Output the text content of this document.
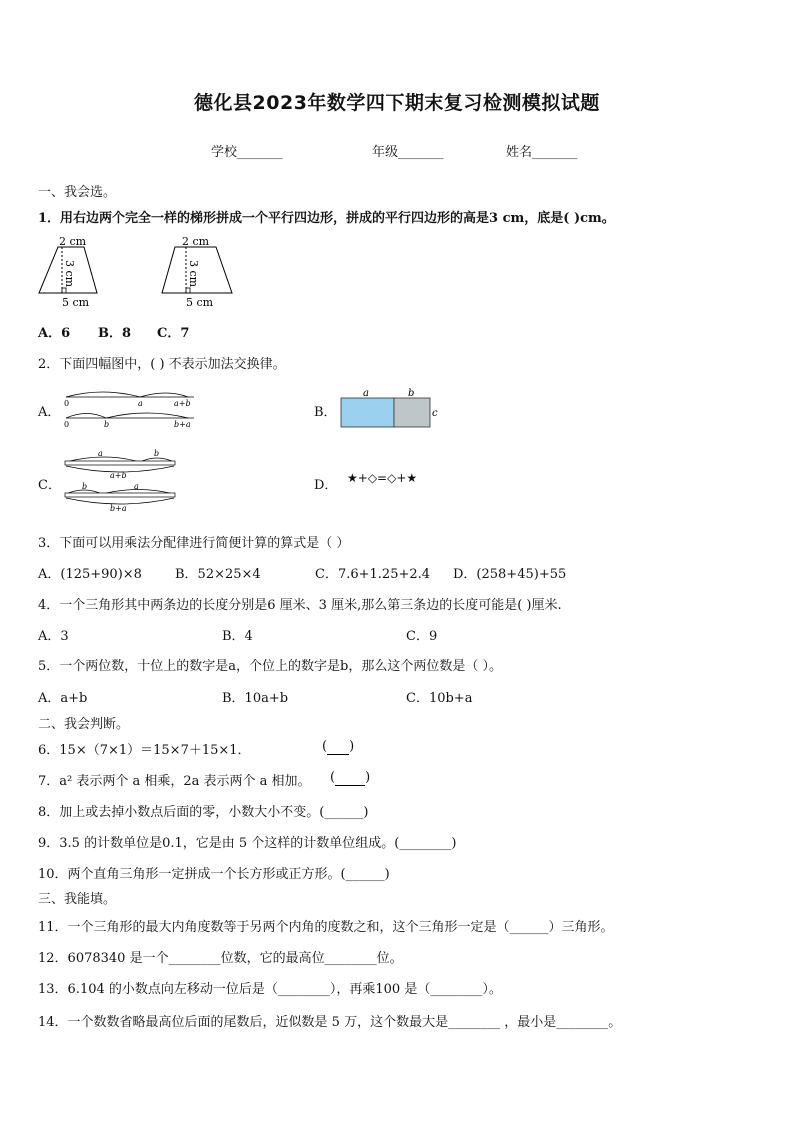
德化县2023年数学四下期末复习检测模拟试题
学校_______	年级_______	姓名_______
一、我会选。
1．用右边两个完全一样的梯形拼成一个平行四边形，拼成的平行四边形的高是3 cm，底是( )cm。
2 cm
3 cm
5 cm
2 cm
3 cm
5 cm
A．6 B．8 C．7
2．下面四幅图中，( ) 不表示加法交换律。
A．
0	a	a+b
0	b	b+a
B．
a	b
c
C．
a	b
a+b
b	a
b+a
D． ★+◇=◇+★
3．下面可以用乘法分配律进行简便计算的算式是（ ）
A．(125+90)×8	B．52×25×4	C．7.6+1.25+2.4 D．(258+45)+55
4．一个三角形其中两条边的长度分别是6 厘米、3 厘米,那么第三条边的长度可能是( )厘米.
A．3	B．4	C．9
5．一个两位数，十位上的数字是a，个位上的数字是b，那么这个两位数是（ ）。
A．a+b	B．10a+b	C．10b+a
二、我会判断。
6．15×（7×1）＝15×7＋15×1．	( )
7．a² 表示两个 a 相乘，2a 表示两个 a 相加。 ( )
8．加上或去掉小数点后面的零，小数大小不变。(______)
9．3.5 的计数单位是0.1，它是由 5 个这样的计数单位组成。(________)
10．两个直角三角形一定拼成一个长方形或正方形。(______)
三、我能填。
11．一个三角形的最大内角度数等于另两个内角的度数之和，这个三角形一定是（______）三角形。
12．6078340 是一个________位数，它的最高位________位。
13．6.104 的小数点向左移动一位后是（________），再乘100 是（________）。
14．一个数数省略最高位后面的尾数后，近似数是 5 万，这个数最大是________ ，最小是________。
